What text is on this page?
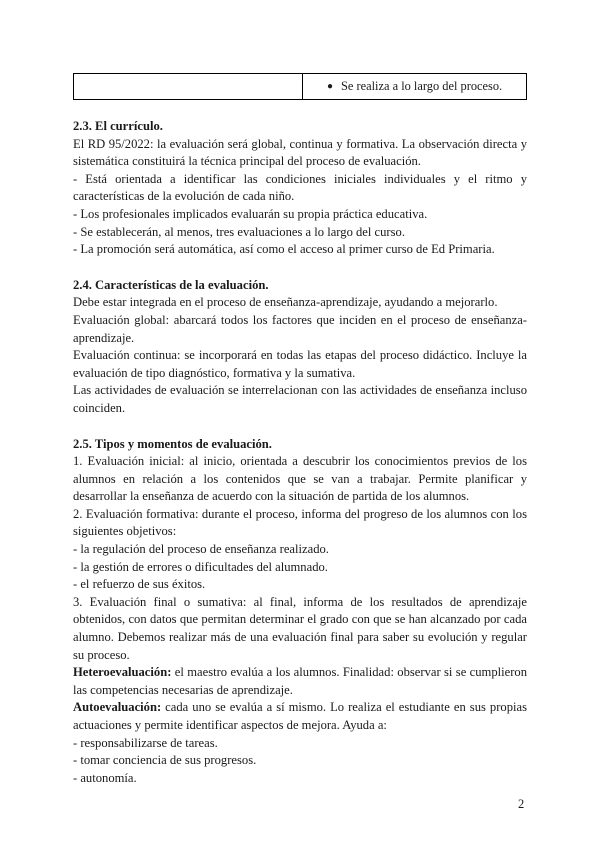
● Se realiza a lo largo del proceso.

2.3. El currículo.

El RD 95/2022: la evaluación será global, continua y formativa. La observación directa y sistemática constituirá la técnica principal del proceso de evaluación.

- Está orientada a identificar las condiciones iniciales individuales y el ritmo y características de la evolución de cada niño.

- Los profesionales implicados evaluarán su propia práctica educativa.

- Se establecerán, al menos, tres evaluaciones a lo largo del curso.

- La promoción será automática, así como el acceso al primer curso de Ed Primaria.

2.4. Características de la evaluación.

Debe estar integrada en el proceso de enseñanza-aprendizaje, ayudando a mejorarlo.

Evaluación global: abarcará todos los factores que inciden en el proceso de enseñanza-aprendizaje.

Evaluación continua: se incorporará en todas las etapas del proceso didáctico. Incluye la evaluación de tipo diagnóstico, formativa y la sumativa.

Las actividades de evaluación se interrelacionan con las actividades de enseñanza incluso coinciden.

2.5. Tipos y momentos de evaluación.

1. Evaluación inicial: al inicio, orientada a descubrir los conocimientos previos de los alumnos en relación a los contenidos que se van a trabajar. Permite planificar y desarrollar la enseñanza de acuerdo con la situación de partida de los alumnos.

2. Evaluación formativa: durante el proceso, informa del progreso de los alumnos con los siguientes objetivos:

- la regulación del proceso de enseñanza realizado.

- la gestión de errores o dificultades del alumnado.

- el refuerzo de sus éxitos.

3. Evaluación final o sumativa: al final, informa de los resultados de aprendizaje obtenidos, con datos que permitan determinar el grado con que se han alcanzado por cada alumno. Debemos realizar más de una evaluación final para saber su evolución y regular su proceso.

Heteroevaluación: el maestro evalúa a los alumnos. Finalidad: observar si se cumplieron las competencias necesarias de aprendizaje.

Autoevaluación: cada uno se evalúa a sí mismo. Lo realiza el estudiante en sus propias actuaciones y permite identificar aspectos de mejora. Ayuda a:

- responsabilizarse de tareas.

- tomar conciencia de sus progresos.

- autonomía.

2
